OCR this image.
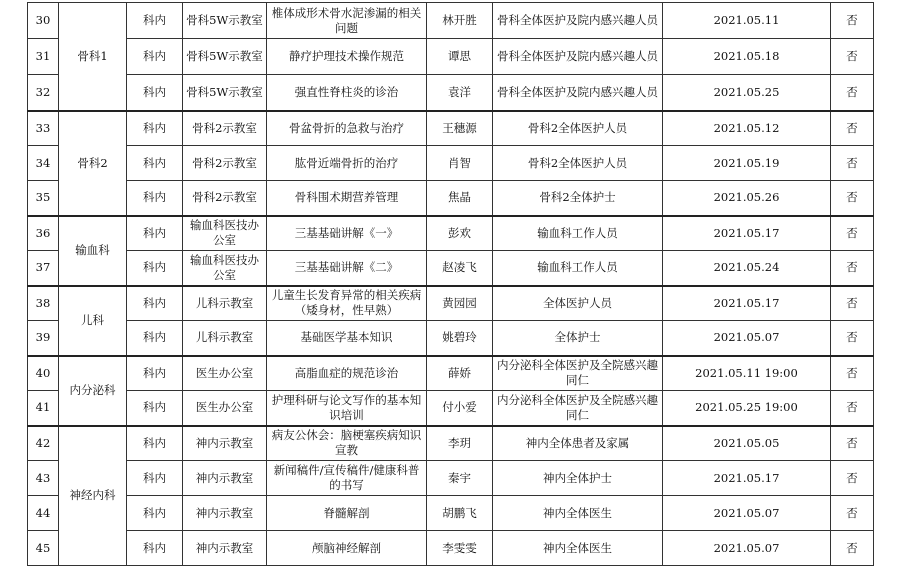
30	骨科1	科内	骨科5W示教室	椎体成形术骨水泥渗漏的相关问题	林开胜	骨科全体医护及院内感兴趣人员	2021.05.11	否
31		科内	骨科5W示教室	静疗护理技术操作规范	谭思	骨科全体医护及院内感兴趣人员	2021.05.18	否
32		科内	骨科5W示教室	强直性脊柱炎的诊治	袁洋	骨科全体医护及院内感兴趣人员	2021.05.25	否
33	骨科2	科内	骨科2示教室	骨盆骨折的急救与治疗	王穗源	骨科2全体医护人员	2021.05.12	否
34		科内	骨科2示教室	肱骨近端骨折的治疗	肖智	骨科2全体医护人员	2021.05.19	否
35		科内	骨科2示教室	骨科围术期营养管理	焦晶	骨科2全体护士	2021.05.26	否
36	输血科	科内	输血科医技办公室	三基基础讲解《一》	彭欢	输血科工作人员	2021.05.17	否
37		科内	输血科医技办公室	三基基础讲解《二》	赵凌飞	输血科工作人员	2021.05.24	否
38	儿科	科内	儿科示教室	儿童生长发育异常的相关疾病（矮身材，性早熟）	黄园园	全体医护人员	2021.05.17	否
39		科内	儿科示教室	基础医学基本知识	姚碧玲	全体护士	2021.05.07	否
40	内分泌科	科内	医生办公室	高脂血症的规范诊治	薛娇	内分泌科全体医护及全院感兴趣同仁	2021.05.11 19:00	否
41		科内	医生办公室	护理科研与论文写作的基本知识培训	付小爱	内分泌科全体医护及全院感兴趣同仁	2021.05.25 19:00	否
42	神经内科	科内	神内示教室	病友公休会：脑梗塞疾病知识宣教	李玥	神内全体患者及家属	2021.05.05	否
43		科内	神内示教室	新闻稿件/宣传稿件/健康科普的书写	秦宇	神内全体护士	2021.05.17	否
44		科内	神内示教室	脊髓解剖	胡鹏飞	神内全体医生	2021.05.07	否
45		科内	神内示教室	颅脑神经解剖	李雯雯	神内全体医生	2021.05.07	否
